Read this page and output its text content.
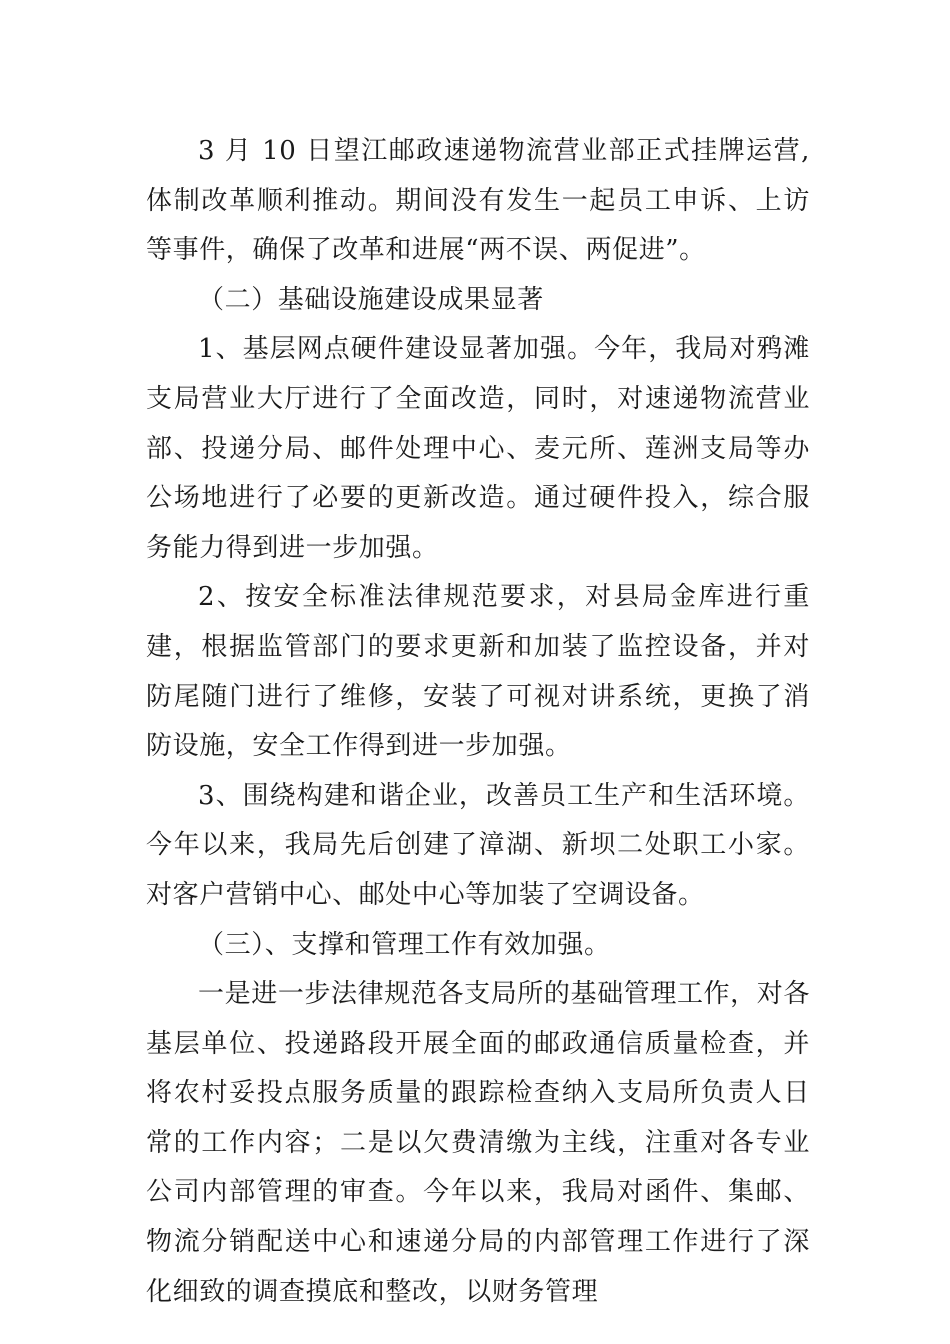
3 月 10 日望江邮政速递物流营业部正式挂牌运营,体制改革顺利推动。期间没有发生一起员工申诉、上访等事件，确保了改革和进展“两不误、两促进”。

（二）基础设施建设成果显著

1、基层网点硬件建设显著加强。今年，我局对鸦滩支局营业大厅进行了全面改造，同时，对速递物流营业部、投递分局、邮件处理中心、麦元所、莲洲支局等办公场地进行了必要的更新改造。通过硬件投入，综合服务能力得到进一步加强。

2、按安全标准法律规范要求，对县局金库进行重建，根据监管部门的要求更新和加装了监控设备，并对防尾随门进行了维修，安装了可视对讲系统，更换了消防设施，安全工作得到进一步加强。

3、围绕构建和谐企业，改善员工生产和生活环境。今年以来，我局先后创建了漳湖、新坝二处职工小家。对客户营销中心、邮处中心等加装了空调设备。

（三）、支撑和管理工作有效加强。

一是进一步法律规范各支局所的基础管理工作，对各基层单位、投递路段开展全面的邮政通信质量检查，并将农村妥投点服务质量的跟踪检查纳入支局所负责人日常的工作内容；二是以欠费清缴为主线，注重对各专业公司内部管理的审查。今年以来，我局对函件、集邮、物流分销配送中心和速递分局的内部管理工作进行了深化细致的调查摸底和整改，以财务管理
